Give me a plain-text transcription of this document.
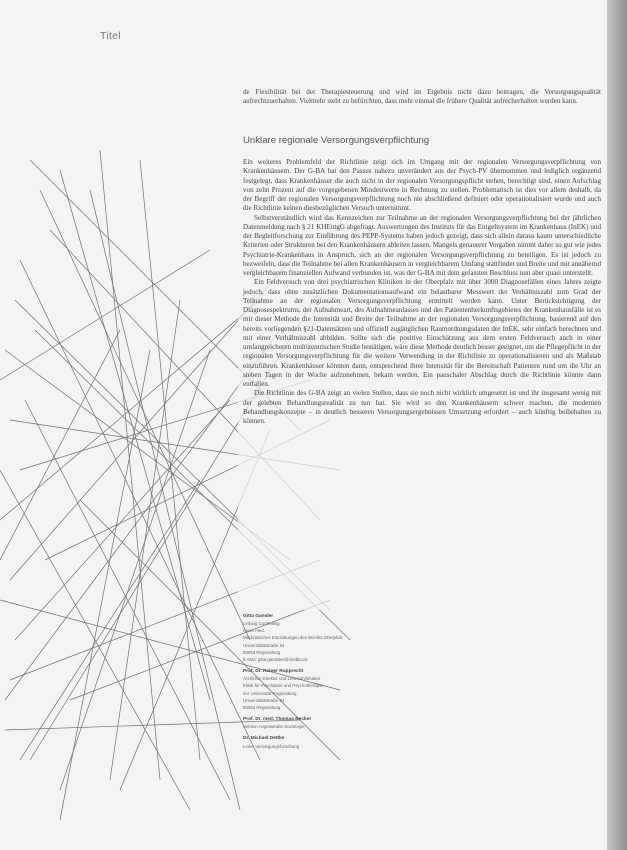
Titel

de Flexibilität bei der Therapiesteuerung und wird im Ergebnis nicht dazu beitragen, die Versorgungsqualität aufrechtzuerhalten. Vielmehr steht zu befürchten, dass mehr einmal die frühere Qualität aufrecherhalten werden kann.

Unklare regionale Versorgungsverpflichtung

Ein weiteres Problemfeld der Richtlinie zeigt sich im Umgang mit der regionalen Versorgungsverpflichtung von Krankenhäusern. Der G-BA hat den Passus nahezu unverändert aus der Psych-PV übernommen und lediglich ergänzend festgelegt, dass Krankenhäuser die auch nicht in der regionalen Versorgungspflicht stehen, berechtigt sind, einen Aufschlag von zehn Prozent auf die vorgegebenen Mindestwerte in Rechnung zu stellen. Problematisch ist dies vor allem deshalb, da der Begriff der regionalen Versorgungsverpflichtung noch nie abschließend definiert oder operationalisiert wurde und auch die Richtlinie keinen diesbezüglichen Versuch unternimmt.

Selbstverständlich wird das Kennzeichen zur Teilnahme an der regionalen Versorgungsverpflichtung bei der jährlichen Datenmeldung nach § 21 KHEntgG abgefragt. Auswertungen des Instituts für das Entgeltsystem im Krankenhaus (InEK) und der Begleitforschung zur Einführung des PEPP-Systems haben jedoch gezeigt, dass sich allein daraus kaum unterschiedliche Kriterien oder Strukturen bei den Krankenhäusern ableiten lassen. Mangels genauerer Vorgaben nimmt daher so gut wie jedes Psychiatrie-Krankenhaus in Anspruch, sich an der regionalen Versorgungsverpflichtung zu beteiligen. Es ist jedoch zu bezweifeln, dass die Teilnahme bei allen Krankenhäusern in vergleichbarem Umfang stattfindet und Breite und mit annähernd vergleichbarem finanziellen Aufwand verbunden ist, was der G-BA mit dem gefassten Beschluss nun aber quasi unterstellt.

Ein Feldversuch von drei psychiatrischen Kliniken in der Oberpfalz mit über 3000 Diagnosefällen eines Jahres zeigte jedoch, dass ohne zusätzlichen Dokumentationsaufwand ein belastbarer Messwert der Verhältniszahl zum Grad der Teilnahme an der regionalen Versorgungsverpflichtung ermittelt werden kann. Unter Berücksichtigung der Diagnosespektrums, der Aufnahmeart, des Aufnahmeanlasses und des Patientenherkunftsgebietes der Krankenhausfälle ist es mit dieser Methode die Intensität und Breite der Teilnahme an der regionalen Versorgungsverpflichtung, basierend auf den bereits vorliegenden §21-Datensätzen und offiziell zugänglichen Raumordnungsdaten der InEK, sehr einfach berechnen und mit einer Verhältniszahl abbilden. Sollte sich die positive Einschätzung aus dem ersten Feldversuch auch in einer umfangreicheren multizentrischen Studie bestätigen, wäre diese Methode deutlich besser geeignet, um die Pflegepflicht in der regionalen Versorgungsverpflichtung für die weitere Verwendung in der Richtlinie zu operationalisieren und als Maßstab einzuführen. Krankenhäuser könnten dann, entsprechend ihrer Intensität für die Bereitschaft Patienten rund um die Uhr an sieben Tagen in der Woche aufzunehmen, bekam werden. Ein pauschaler Abschlag durch die Richtlinie könnte dann entfallen.

Die Richtlinie des G-BA zeigt an vielen Stellen, dass sie noch nicht wirklich umgesetzt ist und ihr insgesamt wenig mit der gelebten Behandlungsrealität zu tun hat. Sie wird so den Krankenhäusern schwer machen, die modernen Behandlungskonzepte – in deutlich besseren Versorgungsergebnissen Umsetzung erfordert – auch künftig beibehalten zu können.

Gitta Gansler
Leitung Controlling
Kuwo med.
Medizinisches Einrichtungen des Bezirks Oberpfalz
Universitätsstraße 84
93053 Regensburg
E-Mail: gitta.ganssler@medbo.de
Prof. Dr. Rainer Rupprecht
Ärztlicher Direktor und Lehrstuhlinhaber
Klinik für Psychiatrie und Psychotherapie
der Universität Regensburg
Universitätsstraße 84
93053 Regensburg
Prof. Dr. med. Thomas Becker
Sektion Angewandte Soziologie
Dr. Michael Dettke
Leiter Versorgungsforschung
